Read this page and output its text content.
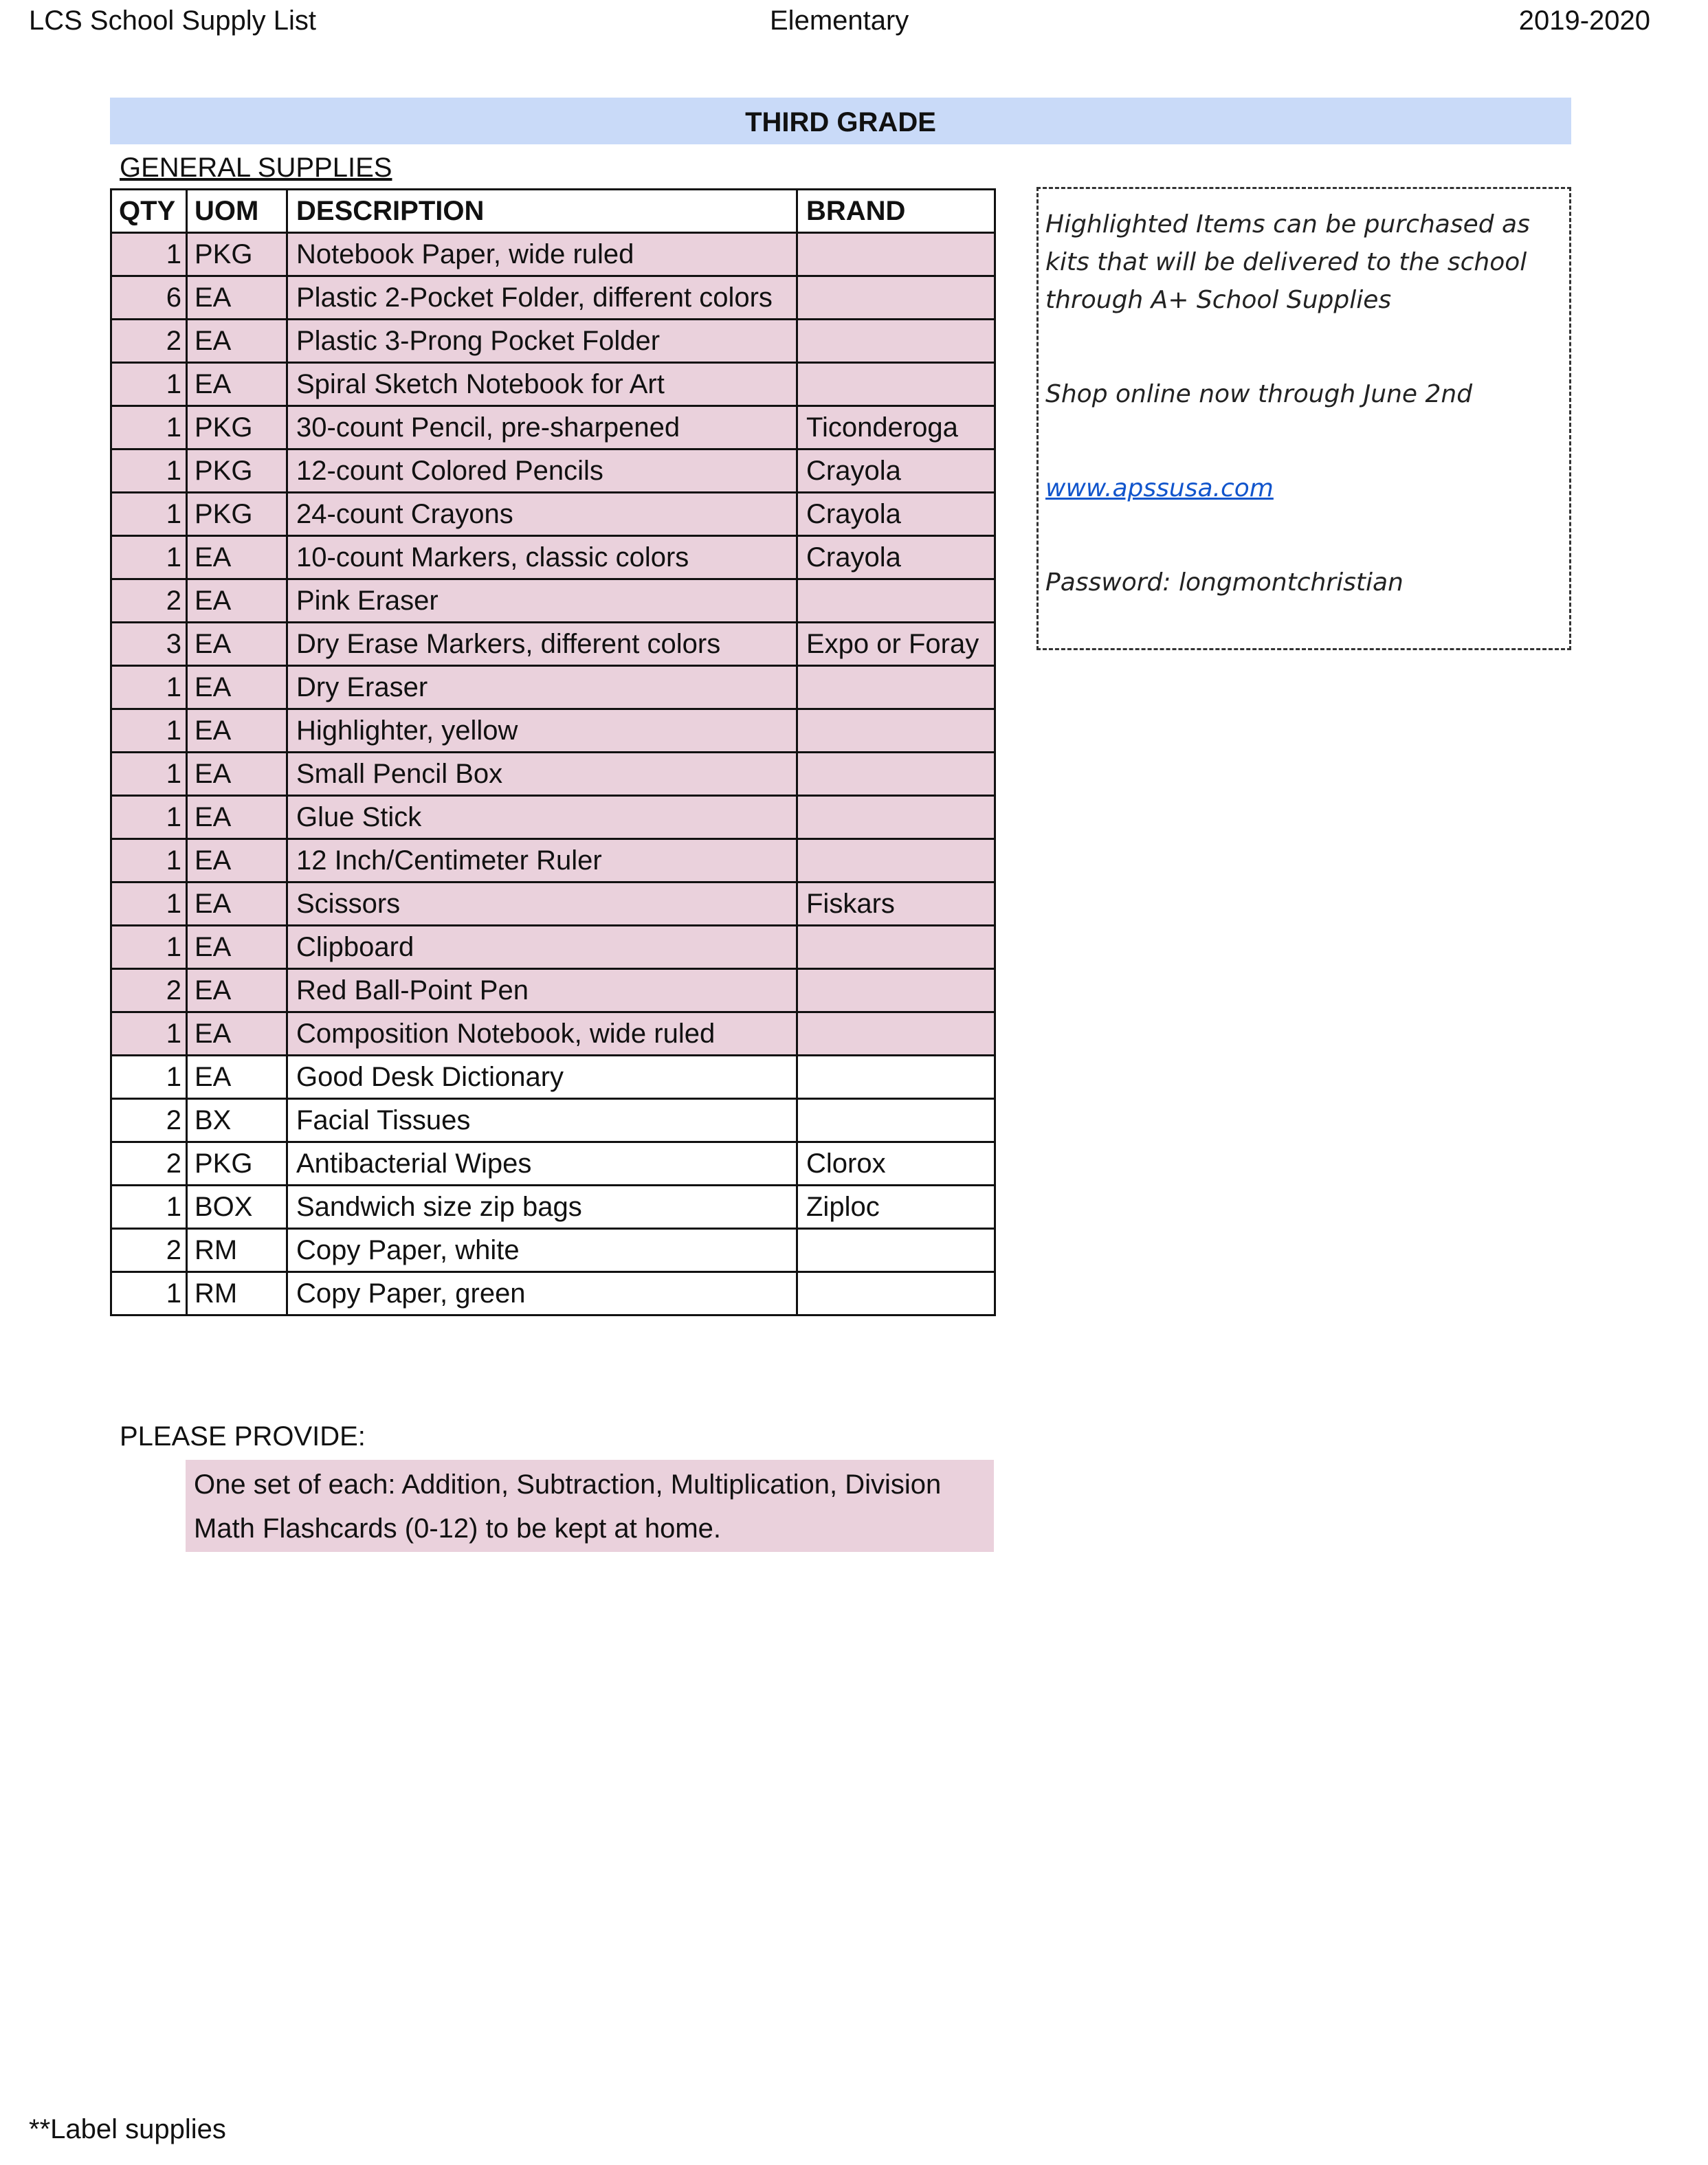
LCS School Supply List	Elementary	2019-2020
THIRD GRADE
GENERAL SUPPLIES
QTY	UOM	DESCRIPTION	BRAND
1	PKG	Notebook Paper, wide ruled	
6	EA	Plastic 2-Pocket Folder, different colors	
2	EA	Plastic 3-Prong Pocket Folder	
1	EA	Spiral Sketch Notebook for Art	
1	PKG	30-count Pencil, pre-sharpened	Ticonderoga
1	PKG	12-count Colored Pencils	Crayola
1	PKG	24-count Crayons	Crayola
1	EA	10-count Markers, classic colors	Crayola
2	EA	Pink Eraser	
3	EA	Dry Erase Markers, different colors	Expo or Foray
1	EA	Dry Eraser	
1	EA	Highlighter, yellow	
1	EA	Small Pencil Box	
1	EA	Glue Stick	
1	EA	12 Inch/Centimeter Ruler	
1	EA	Scissors	Fiskars
1	EA	Clipboard	
2	EA	Red Ball-Point Pen	
1	EA	Composition Notebook, wide ruled	
1	EA	Good Desk Dictionary	
2	BX	Facial Tissues	
2	PKG	Antibacterial Wipes	Clorox
1	BOX	Sandwich size zip bags	Ziploc
2	RM	Copy Paper, white	
1	RM	Copy Paper, green	

Highlighted Items can be purchased as kits that will be delivered to the school through A+ School Supplies

Shop online now through June 2nd

www.apssusa.com

Password: longmontchristian

PLEASE PROVIDE:
One set of each: Addition, Subtraction, Multiplication, Division
Math Flashcards (0-12) to be kept at home.
**Label supplies
